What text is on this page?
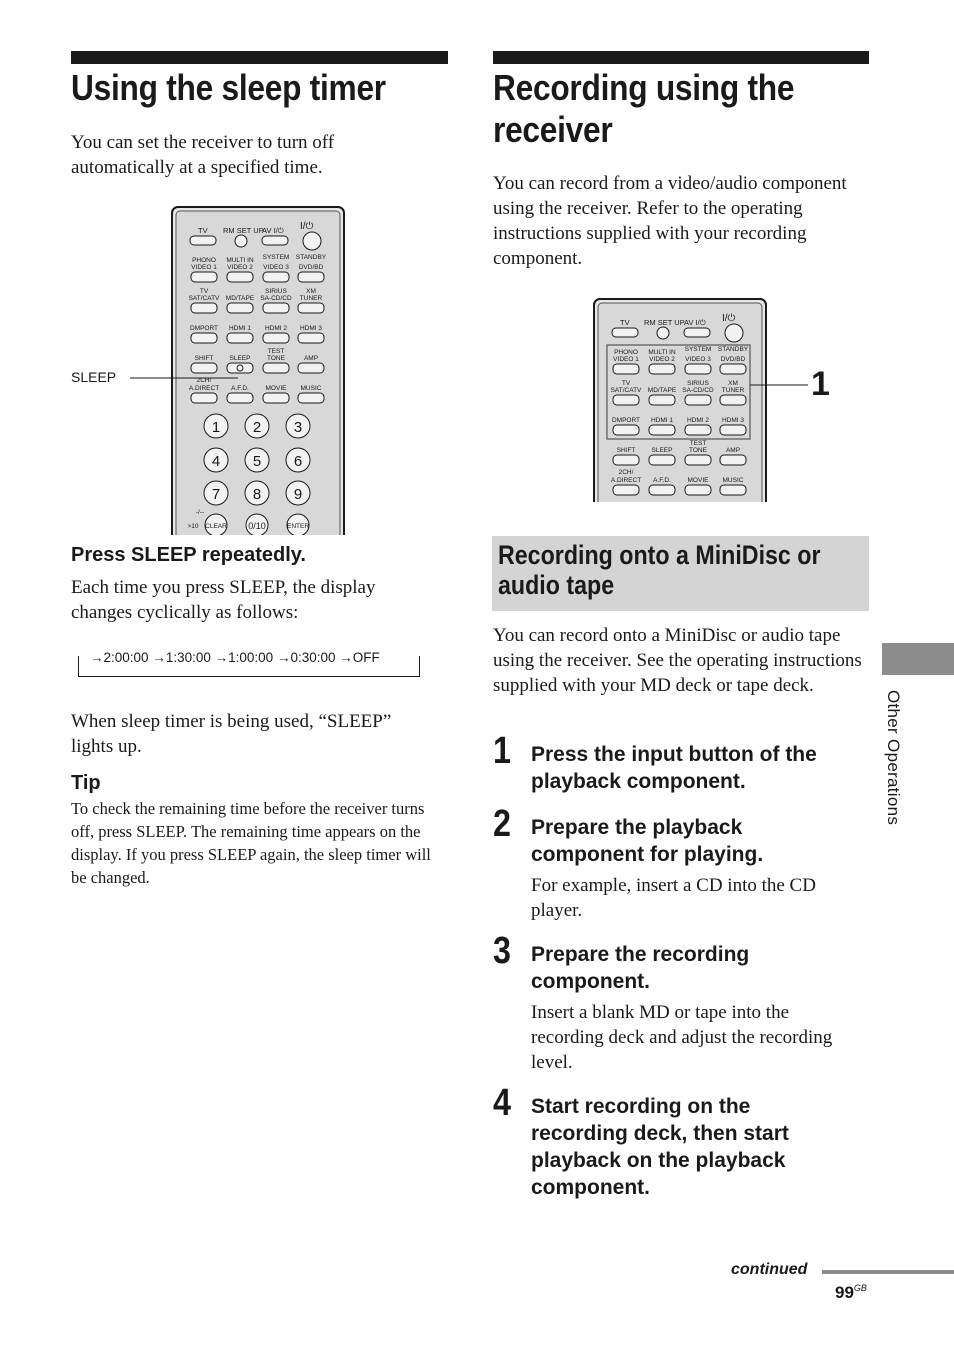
Using the sleep timer
You can set the receiver to turn off automatically at a specified time.
TV RM SET UP
AV I/⏻ I/⏻
PHONO
VIDEO 1
MULTI IN
VIDEO 2
SYSTEM
VIDEO 3
STANDBY
DVD/BD
TV
SAT/CATV MD/TAPE
SIRIUS
SA-CD/CD
XM
TUNER
DMPORT HDMI 1 HDMI 2 HDMI 3
SHIFT SLEEP
TEST
TONE	AMP
2CH/
A.DIRECT A.F.D.	MOVIE MUSIC
1 2 3
4 5 6
7 8 9
>10 CLEAR 0/10	ENTER
-/--
SLEEP
Press SLEEP repeatedly.
Each time you press SLEEP, the display changes cyclically as follows:
→2:00:00 →1:30:00 →1:00:00 →0:30:00 →OFF
When sleep timer is being used, “SLEEP” lights up.
Tip
To check the remaining time before the receiver turns off, press SLEEP. The remaining time appears on the display. If you press SLEEP again, the sleep timer will be changed.
Recording using the receiver
You can record from a video/audio component using the receiver. Refer to the operating instructions supplied with your recording component.
TV RM SET UP AV I/⏻ I/⏻
PHONO
VIDEO 1
MULTI IN
VIDEO 2
SYSTEM
VIDEO 3
STANDBY
DVD/BD
TV
SAT/CATV MD/TAPE
SIRIUS
SA-CD/CD
XM
TUNER
DMPORT HDMI 1 HDMI 2 HDMI 3
SHIFT SLEEP
TEST
TONE	AMP
2CH/
A.DIRECT A.F.D.	MOVIE MUSIC
1
Recording onto a MiniDisc or audio tape
You can record onto a MiniDisc or audio tape using the receiver. See the operating instructions supplied with your MD deck or tape deck.
1 Press the input button of the playback component.
2 Prepare the playback component for playing.
For example, insert a CD into the CD player.
3 Prepare the recording component.
Insert a blank MD or tape into the recording deck and adjust the recording level.
4 Start recording on the recording deck, then start playback on the playback component.
Other Operations
continued
$99^{GB}$
